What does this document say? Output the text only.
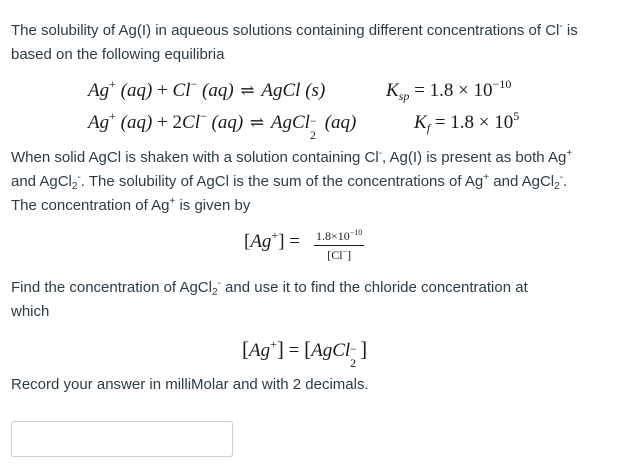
The solubility of Ag(I) in aqueous solutions containing different concentrations of Cl- is
based on the following equilibria

Ag+ (aq) + Cl− (aq) ⇌ AgCl (s)	$K_{sp} = 1.8 \times 10^{-10}$
Ag+ (aq) + 2Cl− (aq) ⇌ AgCl −
2
(aq)	$K_f = 1.8 \times 10^5$

When solid AgCl is shaken with a solution containing Cl-, Ag(I) is present as both Ag+
and AgCl$_2$-. The solubility of AgCl is the sum of the concentrations of Ag+ and AgCl$_2$-.
The concentration of Ag+ is given by

$[Ag^+] = \frac{1.8\times 10^{-10}}{[Cl^-]}$

Find the concentration of AgCl$_2$- and use it to find the chloride concentration at
which

[Ag+] = [AgCl −
2
]

Record your answer in milliMolar and with 2 decimals.
